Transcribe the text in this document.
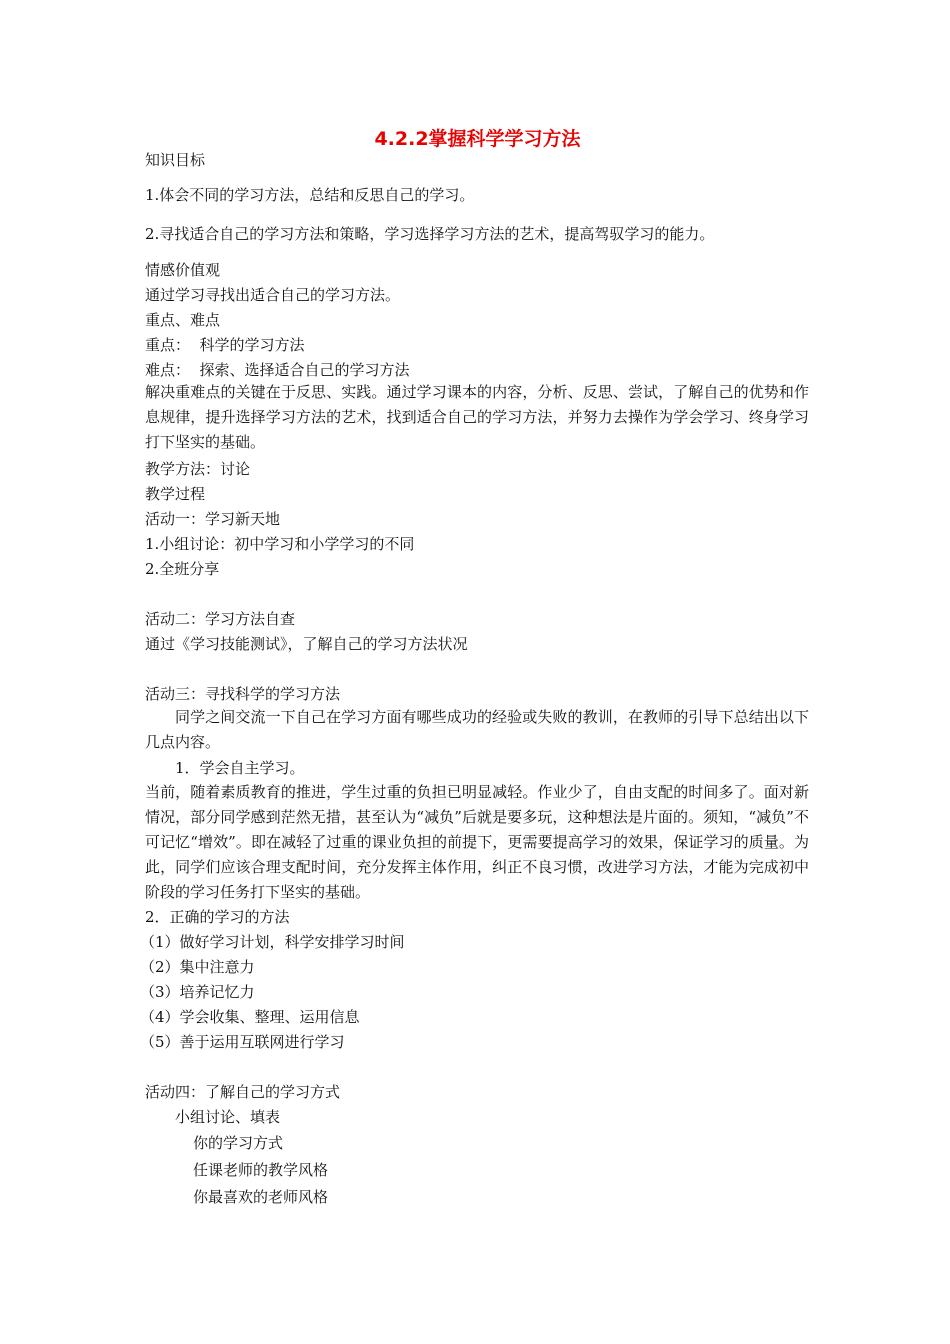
4.2.2掌握科学学习方法
知识目标
1.体会不同的学习方法，总结和反思自己的学习。
2.寻找适合自己的学习方法和策略，学习选择学习方法的艺术，提高驾驭学习的能力。
情感价值观
通过学习寻找出适合自己的学习方法。
重点、难点
重点：  科学的学习方法
难点：  探索、选择适合自己的学习方法
解决重难点的关键在于反思、实践。通过学习课本的内容，分析、反思、尝试，了解自己的优势和作息规律，提升选择学习方法的艺术，找到适合自己的学习方法，并努力去操作为学会学习、终身学习打下坚实的基础。
教学方法：讨论
教学过程
活动一：学习新天地
1.小组讨论：初中学习和小学学习的不同
2.全班分享
活动二：学习方法自查
通过《学习技能测试》，了解自己的学习方法状况
活动三：寻找科学的学习方法
同学之间交流一下自己在学习方面有哪些成功的经验或失败的教训，在教师的引导下总结出以下几点内容。
1．学会自主学习。
当前，随着素质教育的推进，学生过重的负担已明显减轻。作业少了，自由支配的时间多了。面对新情况，部分同学感到茫然无措，甚至认为“减负”后就是要多玩，这种想法是片面的。须知，“减负”不可记忆“增效”。即在减轻了过重的课业负担的前提下，更需要提高学习的效果，保证学习的质量。为此，同学们应该合理支配时间，充分发挥主体作用，纠正不良习惯，改进学习方法，才能为完成初中阶段的学习任务打下坚实的基础。
2．正确的学习的方法
（1）做好学习计划，科学安排学习时间
（2）集中注意力
（3）培养记忆力
（4）学会收集、整理、运用信息
（5）善于运用互联网进行学习
活动四：了解自己的学习方式
小组讨论、填表
你的学习方式
任课老师的教学风格
你最喜欢的老师风格
